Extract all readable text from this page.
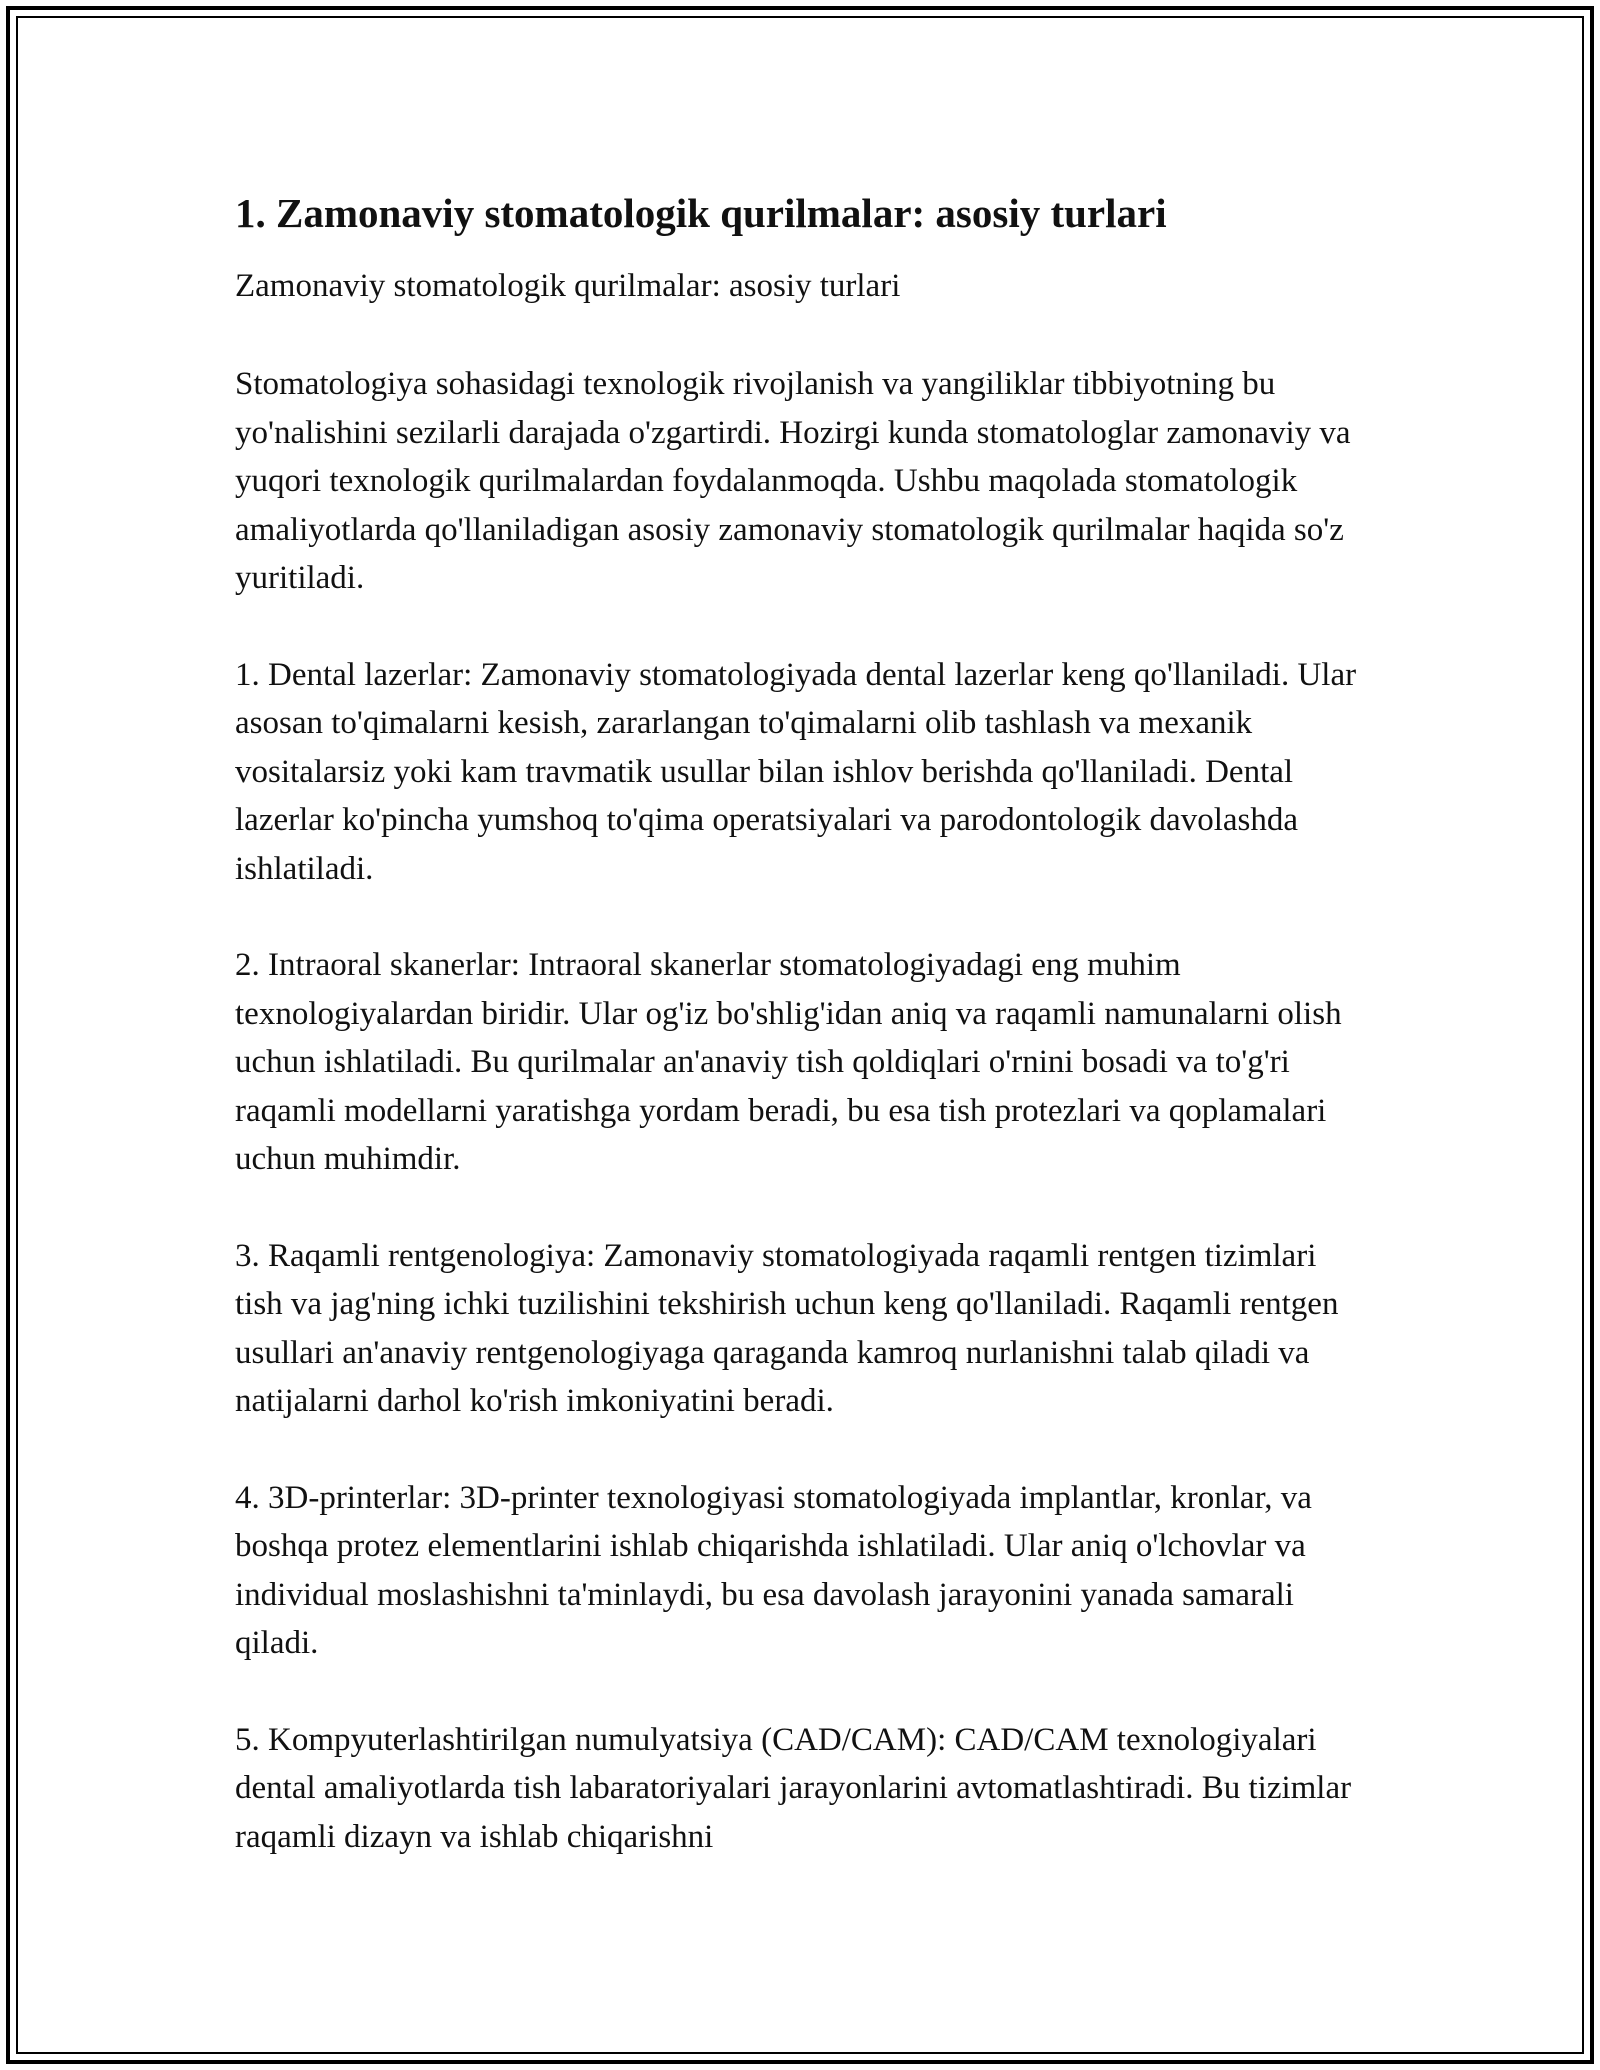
1. Zamonaviy stomatologik qurilmalar: asosiy turlari

Zamonaviy stomatologik qurilmalar: asosiy turlari

Stomatologiya sohasidagi texnologik rivojlanish va yangiliklar tibbiyotning bu yo'nalishini sezilarli darajada o'zgartirdi. Hozirgi kunda stomatologlar zamonaviy va yuqori texnologik qurilmalardan foydalanmoqda. Ushbu maqolada stomatologik amaliyotlarda qo'llaniladigan asosiy zamonaviy stomatologik qurilmalar haqida so'z yuritiladi.

1. Dental lazerlar: Zamonaviy stomatologiyada dental lazerlar keng qo'llaniladi. Ular asosan to'qimalarni kesish, zararlangan to'qimalarni olib tashlash va mexanik vositalarsiz yoki kam travmatik usullar bilan ishlov berishda qo'llaniladi. Dental lazerlar ko'pincha yumshoq to'qima operatsiyalari va parodontologik davolashda ishlatiladi.

2. Intraoral skanerlar: Intraoral skanerlar stomatologiyadagi eng muhim texnologiyalardan biridir. Ular og'iz bo'shlig'idan aniq va raqamli namunalarni olish uchun ishlatiladi. Bu qurilmalar an'anaviy tish qoldiqlari o'rnini bosadi va to'g'ri raqamli modellarni yaratishga yordam beradi, bu esa tish protezlari va qoplamalari uchun muhimdir.

3. Raqamli rentgenologiya: Zamonaviy stomatologiyada raqamli rentgen tizimlari tish va jag'ning ichki tuzilishini tekshirish uchun keng qo'llaniladi. Raqamli rentgen usullari an'anaviy rentgenologiyaga qaraganda kamroq nurlanishni talab qiladi va natijalarni darhol ko'rish imkoniyatini beradi.

4. 3D-printerlar: 3D-printer texnologiyasi stomatologiyada implantlar, kronlar, va boshqa protez elementlarini ishlab chiqarishda ishlatiladi. Ular aniq o'lchovlar va individual moslashishni ta'minlaydi, bu esa davolash jarayonini yanada samarali qiladi.

5. Kompyuterlashtirilgan numulyatsiya (CAD/CAM): CAD/CAM texnologiyalari dental amaliyotlarda tish labaratoriyalari jarayonlarini avtomatlashtiradi. Bu tizimlar raqamli dizayn va ishlab chiqarishni
